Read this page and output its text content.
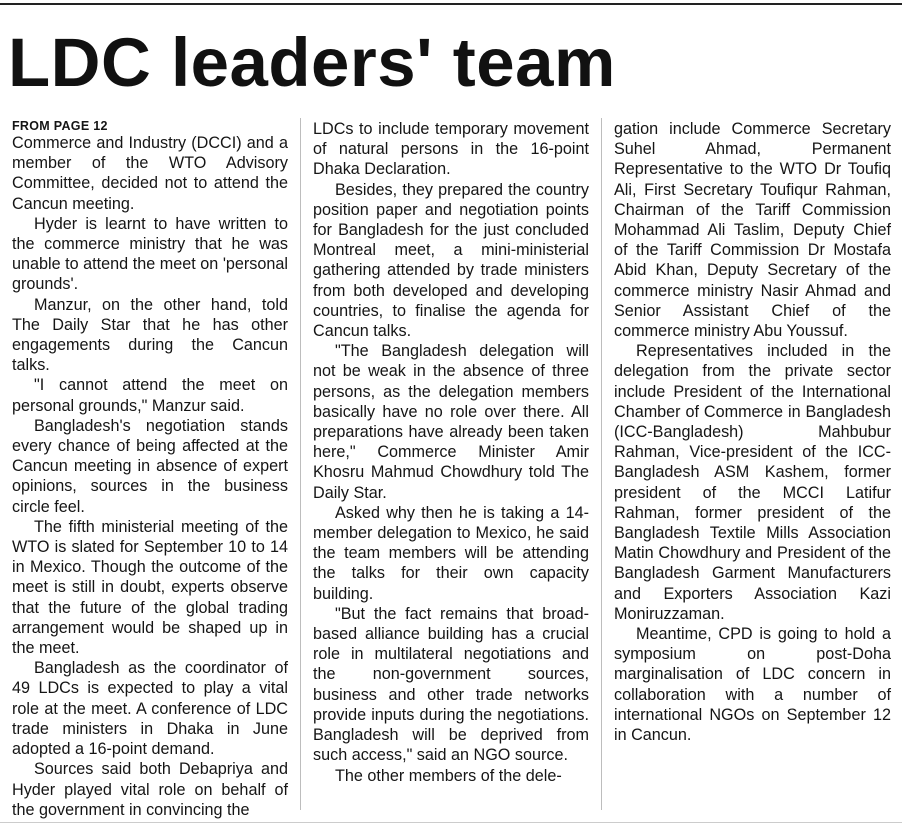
LDC leaders' team
FROM PAGE 12

Commerce and Industry (DCCI) and a member of the WTO Advisory Committee, decided not to attend the Cancun meeting.

Hyder is learnt to have written to the commerce ministry that he was unable to attend the meet on 'personal grounds'.

Manzur, on the other hand, told The Daily Star that he has other engagements during the Cancun talks.

"I cannot attend the meet on personal grounds," Manzur said.

Bangladesh's negotiation stands every chance of being affected at the Cancun meeting in absence of expert opinions, sources in the business circle feel.

The fifth ministerial meeting of the WTO is slated for September 10 to 14 in Mexico. Though the outcome of the meet is still in doubt, experts observe that the future of the global trading arrangement would be shaped up in the meet.

Bangladesh as the coordinator of 49 LDCs is expected to play a vital role at the meet. A conference of LDC trade ministers in Dhaka in June adopted a 16-point demand.

Sources said both Debapriya and Hyder played vital role on behalf of the government in convincing the

LDCs to include temporary movement of natural persons in the 16-point Dhaka Declaration.

Besides, they prepared the country position paper and negotiation points for Bangladesh for the just concluded Montreal meet, a mini-ministerial gathering attended by trade ministers from both developed and developing countries, to finalise the agenda for Cancun talks.

"The Bangladesh delegation will not be weak in the absence of three persons, as the delegation members basically have no role over there. All preparations have already been taken here," Commerce Minister Amir Khosru Mahmud Chowdhury told The Daily Star.

Asked why then he is taking a 14-member delegation to Mexico, he said the team members will be attending the talks for their own capacity building.

"But the fact remains that broad-based alliance building has a crucial role in multilateral negotiations and the non-government sources, business and other trade networks provide inputs during the negotiations. Bangladesh will be deprived from such access," said an NGO source.

The other members of the dele-

gation include Commerce Secretary Suhel Ahmad, Permanent Representative to the WTO Dr Toufiq Ali, First Secretary Toufiqur Rahman, Chairman of the Tariff Commission Mohammad Ali Taslim, Deputy Chief of the Tariff Commission Dr Mostafa Abid Khan, Deputy Secretary of the commerce ministry Nasir Ahmad and Senior Assistant Chief of the commerce ministry Abu Youssuf.

Representatives included in the delegation from the private sector include President of the International Chamber of Commerce in Bangladesh (ICC-Bangladesh) Mahbubur Rahman, Vice-president of the ICC-Bangladesh ASM Kashem, former president of the MCCI Latifur Rahman, former president of the Bangladesh Textile Mills Association Matin Chowdhury and President of the Bangladesh Garment Manufacturers and Exporters Association Kazi Moniruzzaman.

Meantime, CPD is going to hold a symposium on post-Doha marginalisation of LDC concern in collaboration with a number of international NGOs on September 12 in Cancun.
